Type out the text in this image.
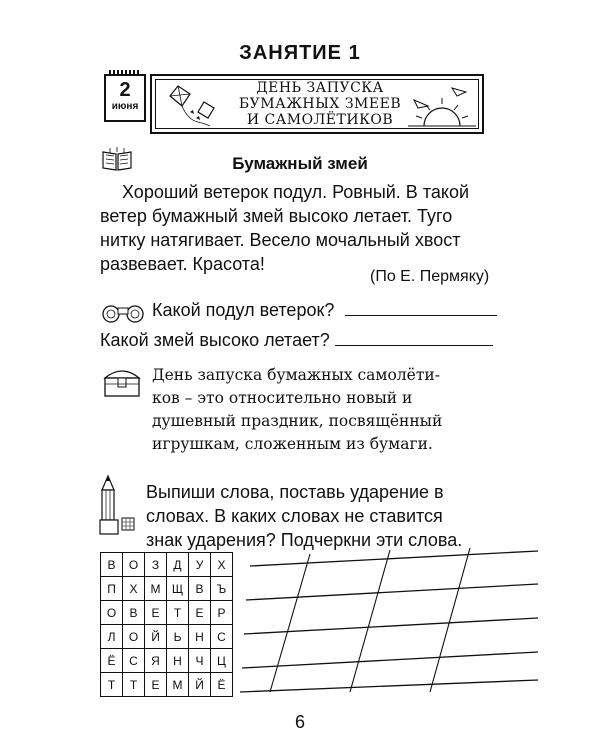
ЗАНЯТИЕ 1
2
июня
ДЕНЬ ЗАПУСКА
БУМАЖНЫХ ЗМЕЕВ
И САМОЛЁТИКОВ
Бумажный змей
Хороший ветерок подул. Ровный. В такой
ветер бумажный змей высоко летает. Туго
нитку натягивает. Весело мочальный хвост
развевает. Красота!
(По Е. Пермяку)
Какой подул ветерок?
Какой змей высоко летает?
День запуска бумажных самолёти-
ков – это относительно новый и
душевный праздник, посвящённый
игрушкам, сложенным из бумаги.
Выпиши слова, поставь ударение в
словах. В каких словах не ставится
знак ударения? Подчеркни эти слова.
В	О	З	Д	У	Х
П	Х	М	Щ	В	Ъ
О	В	Е	Т	Е	Р
Л	О	Й	Ь	Н	С
Ё	С	Я	Н	Ч	Ц
Т	Т	Е	М	Й	Ё
6
